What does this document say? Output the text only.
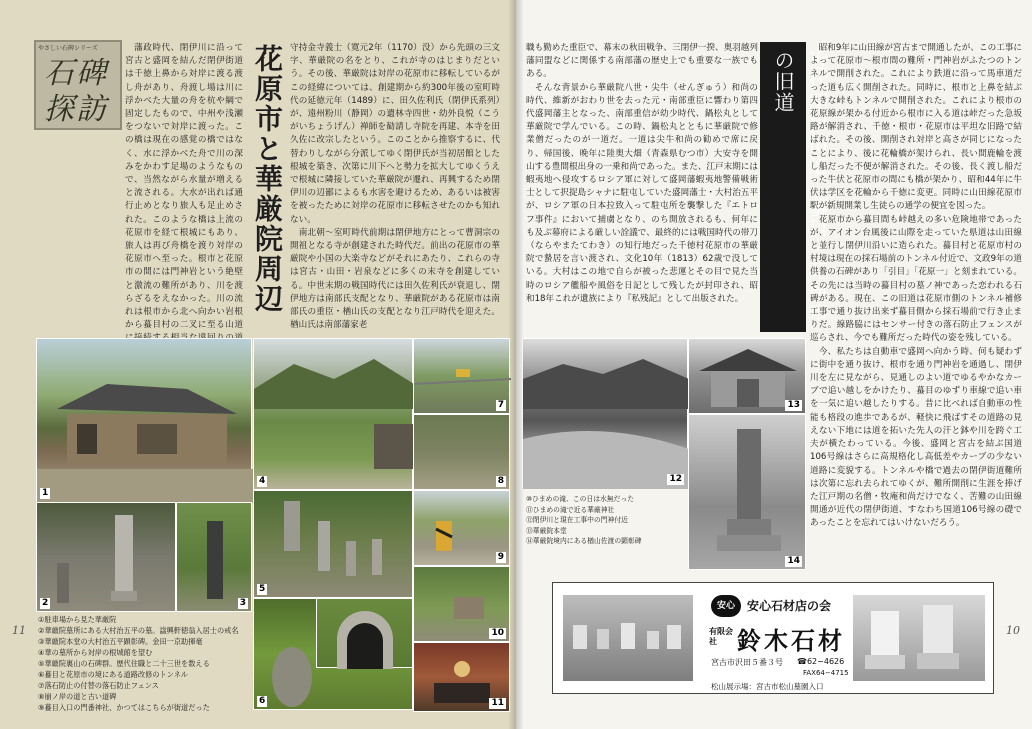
やさしい石碑シリーズ
石碑探訪
　藩政時代、閉伊川に沿って宮古と盛岡を結んだ閉伊街道は千徳上鼻から対岸に渡る渡し舟があり、舟渡し場は川に浮かべた大量の舟を杭や綱で固定したもので、中州や浅瀬をつないで対岸に渡った。この橋は現在の感覚の橋ではなく、水に浮かべた舟で川の深みをかわす足場のようなもので、当然ながら水量が増えると流される。大水が出れば通行止めとなり旅人も足止めされた。このような橋は上流の花原市を経て根城にもあり、旅人は再び舟橋を渡り対岸の花原市へ至った。根市と花原市の間には門神岩という絶壁と激流の難所があり、川を渡らざるをえなかった。川の流れは根市から北へ向かい岩根から蟇目村の二叉に至る山道

花原市と華厳院周辺 守持金寺義士（寛元2年（1170）没）から先頭の三文字、華厳院の名をとり、これが寺のはじまりだという。その後、華厳院は対岸の花原市に移転しているがこの経緯については、創建期から約300年後の室町時代の延徳元年（1489）に、田久佐利氏（閉伊氏系列）が、遠州粉川（静岡）の遺林寺四世・幼外良悦（こうがいちょうげん）禅師を勧請し寺院を再建、本寺を田久佐に改宗したという。このことから推察するに、代替わりしながら分派してゆく閉伊氏が当初居館とした根城を築き、次第に川下へと勢力を拡大してゆくうえで根城に隣接していた華厳院が遷れ、再興するため閉伊川の辺鄙によるも水害を避けるため、あるいは被害を被ったために対岸の花原市に移転させたのかも知れない。
　南北朝〜室町時代前期は閉伊地方にとって曹洞宗の開祖となる寺が創建された時代だ。前出の花原市の華厳院や小国の大楽寺などがそれにあたり、これらの寺は宮古・山田・岩泉などに多くの末寺を創建している。中世末期の戦国時代には田久佐利氏が衰退し、閉伊地方は南部氏支配となり、華厳院がある花原市は南部氏の重臣・楢山氏の支配となり江戸時代を迎えた。楢山氏は南部藩家老
1
2	3
4
5
6
7
8
9
10
11
①駐車場から見た華厳院
②華厳院墓所にある大村治五平の墓。諡興軒徳翁入居士の戒名
③華厳院本堂の大村治五平顕彰碑。金田一京助揮毫
④華の墓所から対岸の根城館を望む
⑤華厳院裏山の石碑群。歴代住職と二十三世を数える
⑥蟇目と花原市の境にある道路改修のトンネル
⑦落石防止の付替の落石防止フェンス
⑧崩ノ岸の道と古い道碑
⑨蟇目入口の門番神社、かつてはこちらが街道だった
11
職も勤めた重臣で、幕末の秋田戦争、三閉伊一揆、奥羽越列藩同盟などに関係する南部藩の歴史上でも重要な一族でもある。
　そんな背景から華厳院八世・尖牛（せんぎゅう）和尚の時代、維新がおわり世を去った元・南部重臣に響わり第四代盛岡藩主となった、南部重信が幼少時代、鍋松丸として華厳院で学んでいる。この時、鍋松丸とともに華厳院で修業僧だったのが一道だ。一道は尖牛和尚の勧めで席に戻り、帰国後、晩年に陸奥大畑（青森県むつ市）大安寺を開山する豊間根出身の一乗和尚であった。また、江戸末期には蝦夷地へ侵攻するロシア軍に対して盛岡藩蝦夷地警備戦術士として択捉島シャナに駐屯していた盛岡藩士・大村治五平が、ロシア軍の日本拉致入って駐屯所を襲撃した『エトロフ事件』において捕虜となり、のち開放されるも、何年にも及ぶ幕府による厳しい詮議で、最終的には戦国時代の帯刀（ならやまたてわき）の知行地だった千徳村花原市の華厳院で蟄居を言い渡され、文化10年（1813）62歳で没している。大村はこの地で自らが被った悲運とその目で見た当時のロシア艦船や風俗を日記として残したが封印され、昭和18年これが遺族により『私残記』として出版された。	近代閉伊街道、蟇目・花原市の旧道
　昭和9年に山田線が宮古まで開通したが、この工事によって花原市〜根市間の難所・門神岩がふたつのトンネルで開削された。これにより鉄道に沿って馬車道だった道も広く開削された。同時に、根市と上鼻を結ぶ大きな峠もトンネルで開削された。これにより根市の花原線が架かる付近から根市に入る道は峠だった急坂路が解消され、千徳・根市・花原市は平坦な旧路で結ばれた。その後、開削され対岸と高さが同じになったことにより、後に花輪橋が架けられ、長い間鹿輪を渡し船だった不便が解消された。その後、長く渡し船だった牛伏と花原市の間にも橋が架かり、昭和44年に牛伏は学区を花輪から千徳に変更。同時に山田線花原市駅が新規開業し生徒らの通学の便宜を図った。
　花原市から蟇目間も峠越えの多い危険地帯であったが、アイオン台風後に山際を走っていた県道は山田線と並行し閉伊川沿いに造られた。蟇目村と花原市村の村境は現在の採石場前のトンネル付近で、文政9年の道供養の石碑があり「引目」「花原一」と刻まれている。その先には当時の蟇目村の墓ノ神であった恋われる石碑がある。現在、この旧道は花原市側のトンネル補修工事で通り抜け出来ず蟇目側から採石場前で行き止まりだ。線路脇にはセンサー付きの落石防止フェンスが巡らされ、今でも難所だった時代の姿を残している。
　今、私たちは自動車で盛岡へ向かう時、何も疑わずに街中を通り抜け、根市を通り門神岩を通過し、閉伊川を左に見ながら、見通しのよい道でゆるやかなカーブで追い越しをかけたり、蟇目のゆずり車線で追い車を一気に追い越したりする。昔に比べれば自動車の性能も格段の進歩であるが、軽快に飛ばすその道路の見えない下地には道を拓いた先人の汗と鉢や川を跨ぐ工夫が横たわっている。今後、盛岡と宮古を結ぶ国道106号線はさらに高規格化し高低差やカーブの少ない道路に変貌する。トンネルや橋で過去の閉伊街道難所は次第に忘れ去られてゆくが、難所開削に生涯を捧げた江戸期の名僧・牧庵和尚だけでなく、苦難の山田線開通が近代の閉伊街道、すなわち国道106号線の礎であったことを忘れてはいけないだろう。
12
13
14
⑩ひまめの滝、この日は水無だった
⑪ひまめの滝で近る華厳神社
⑫閉伊川と現在工事中の門神付近
⑬華厳院本堂
⑭華厳院境内にある楢山佐渡の顕彰碑
安心	安心石材店の会
有限会社 鈴木石材
宮古市沢田５番３号 ☎62−4626
FAX64−4715
松山展示場：宮古市松山墓園入口
10
